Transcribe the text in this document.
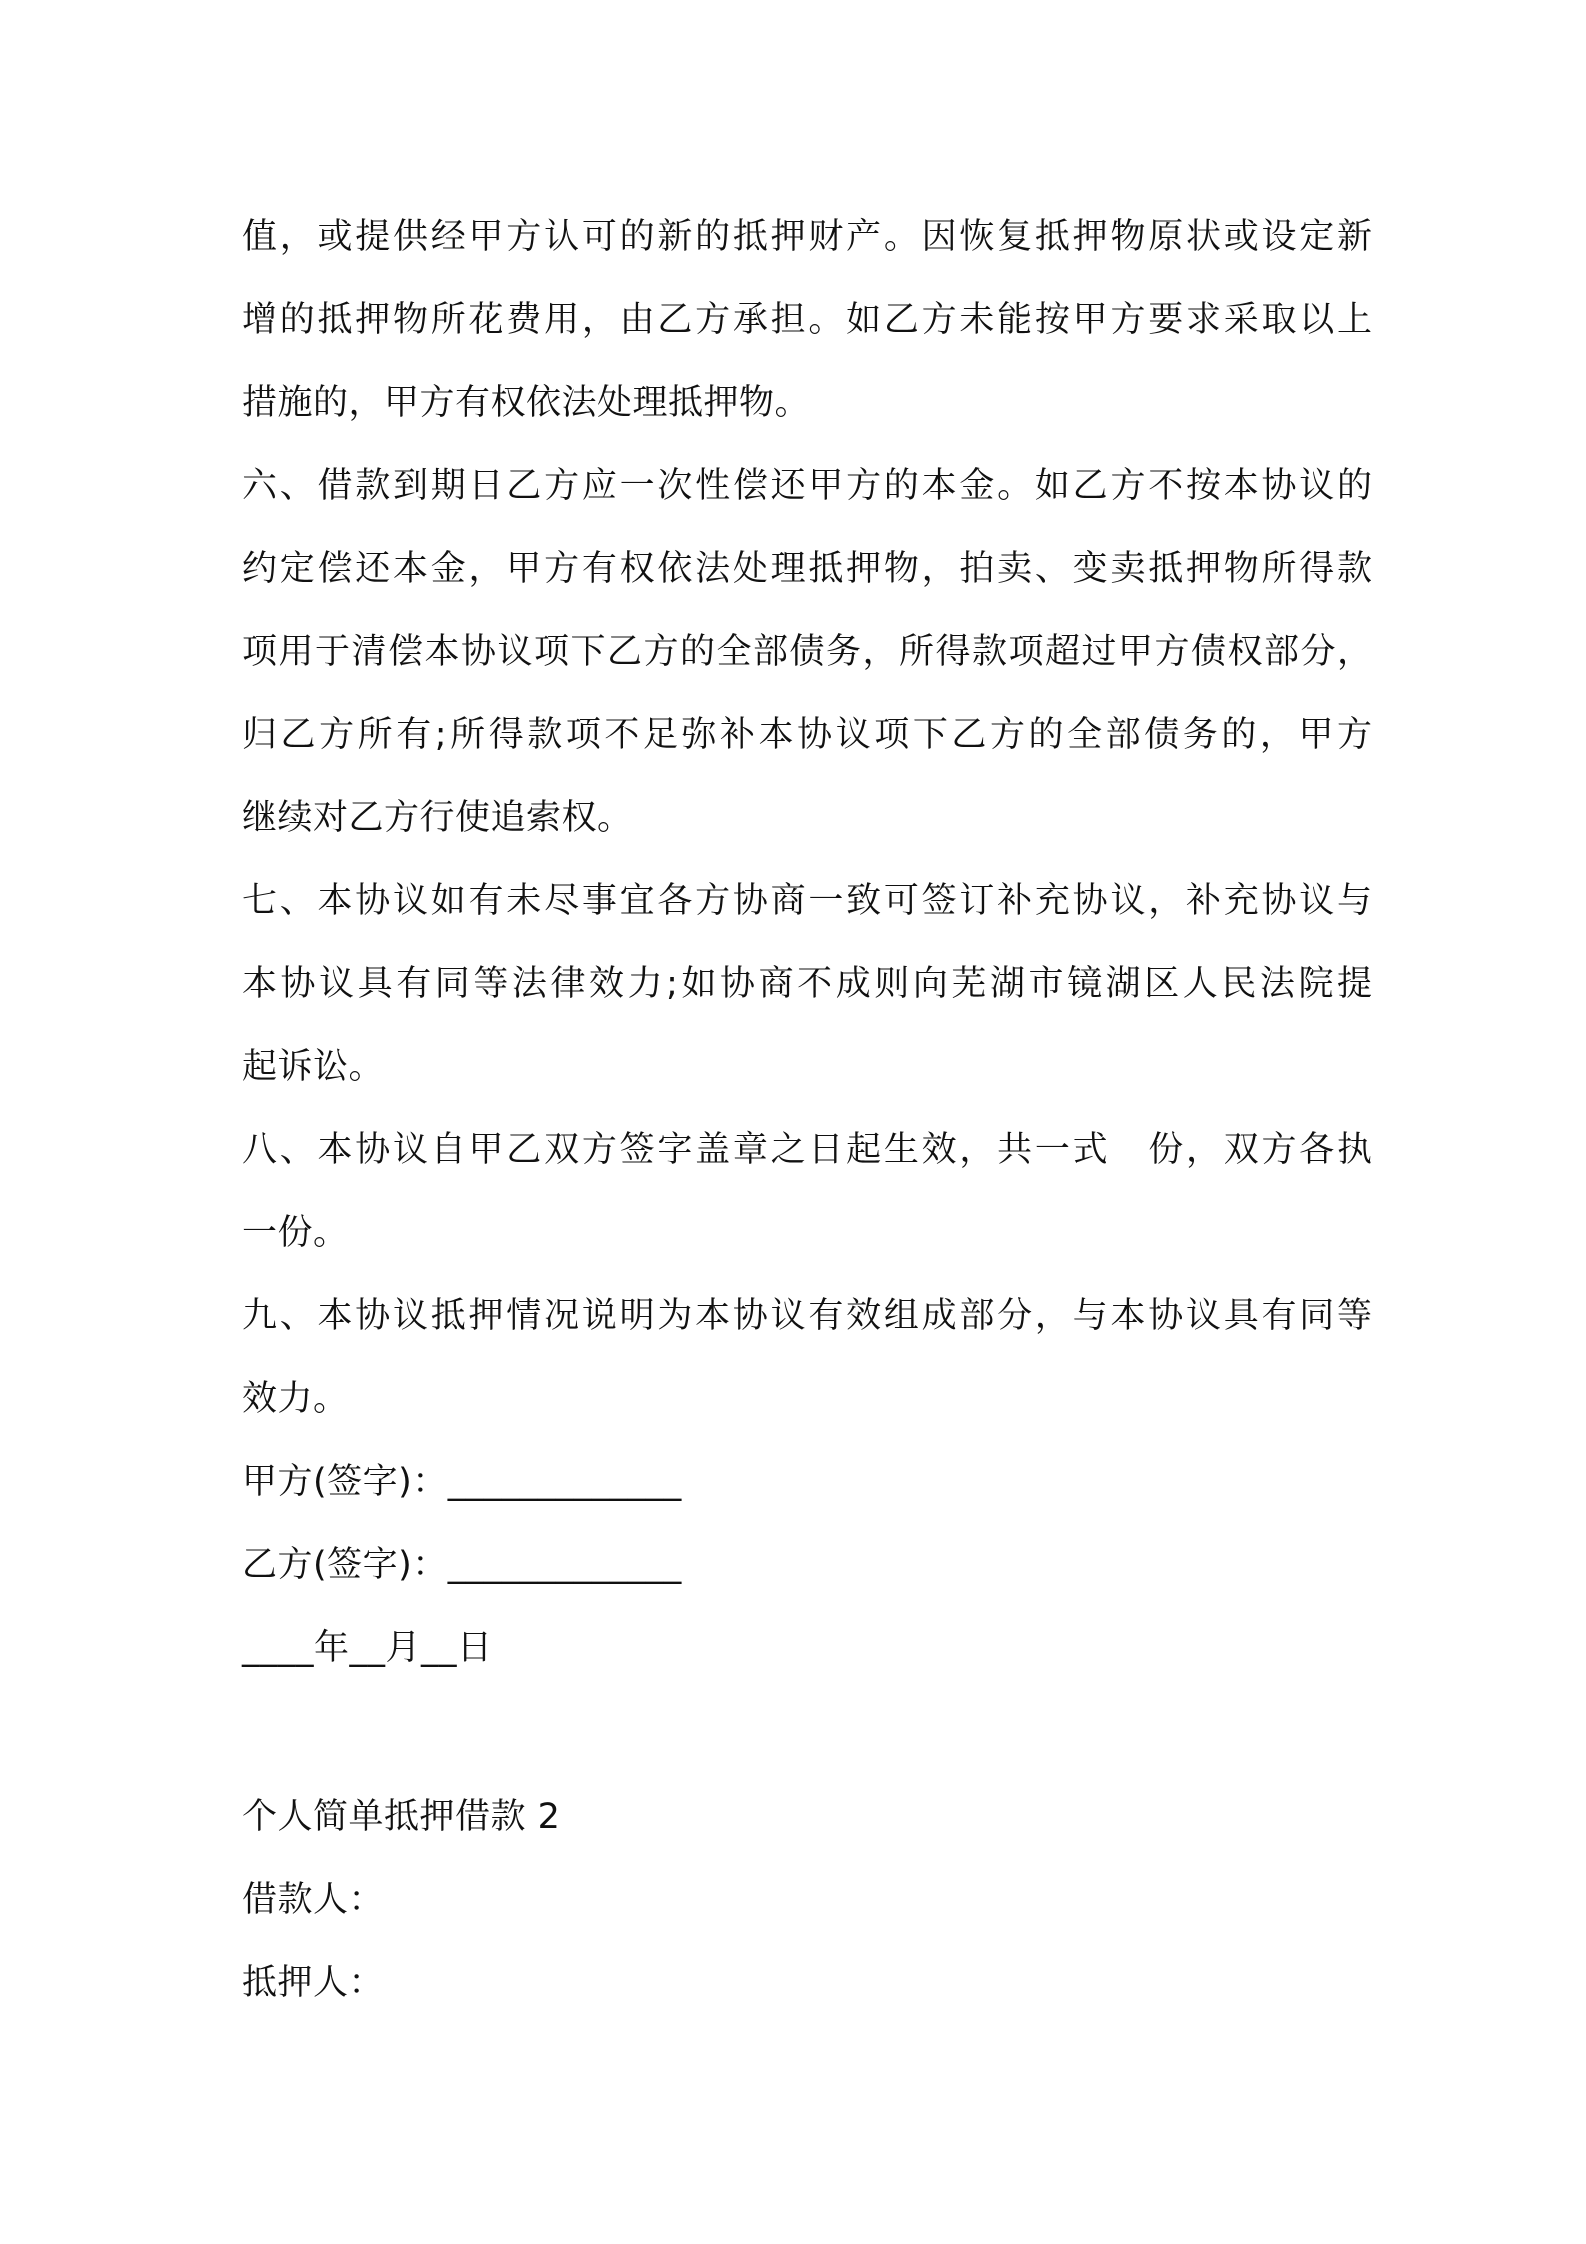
值，或提供经甲方认可的新的抵押财产。因恢复抵押物原状或设定新
增的抵押物所花费用，由乙方承担。如乙方未能按甲方要求采取以上
措施的，甲方有权依法处理抵押物。
六、借款到期日乙方应一次性偿还甲方的本金。如乙方不按本协议的
约定偿还本金，甲方有权依法处理抵押物，拍卖、变卖抵押物所得款
项用于清偿本协议项下乙方的全部债务，所得款项超过甲方债权部分，
归乙方所有;所得款项不足弥补本协议项下乙方的全部债务的，甲方
继续对乙方行使追索权。
七、本协议如有未尽事宜各方协商一致可签订补充协议，补充协议与
本协议具有同等法律效力;如协商不成则向芜湖市镜湖区人民法院提
起诉讼。
八、本协议自甲乙双方签字盖章之日起生效，共一式　份，双方各执
一份。
九、本协议抵押情况说明为本协议有效组成部分，与本协议具有同等
效力。
甲方(签字)：_____________
乙方(签字)：_____________
____年__月__日
个人简单抵押借款 2
借款人：
抵押人：
